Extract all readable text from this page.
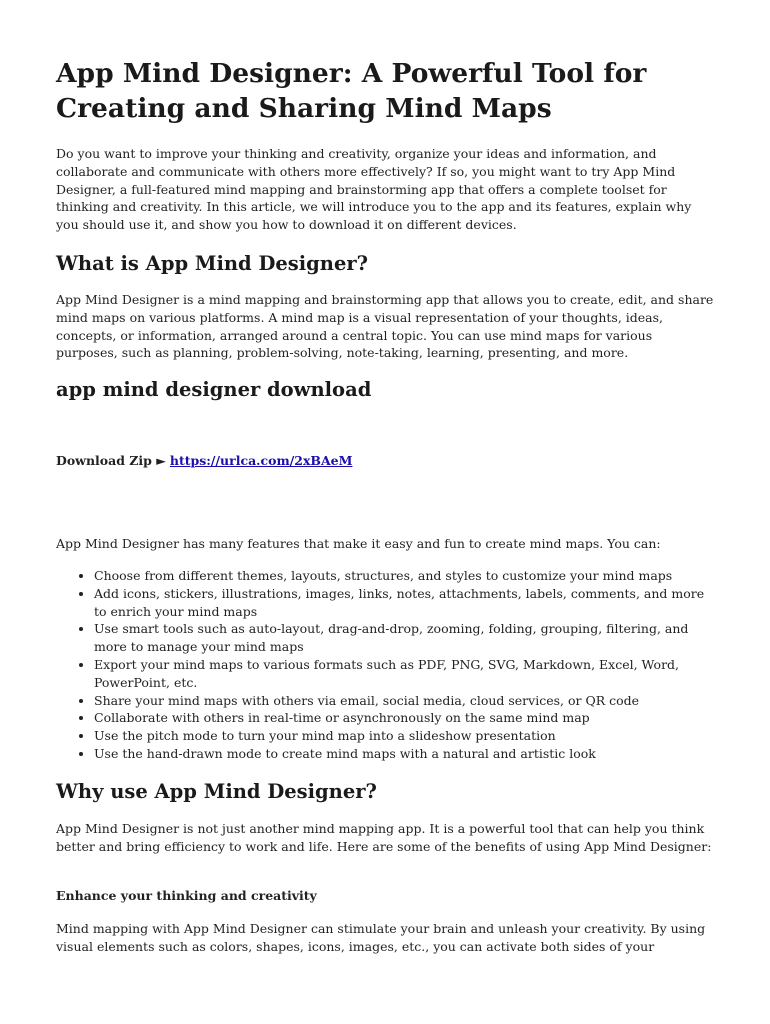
App Mind Designer: A Powerful Tool for Creating and Sharing Mind Maps

Do you want to improve your thinking and creativity, organize your ideas and information, and collaborate and communicate with others more effectively? If so, you might want to try App Mind Designer, a full-featured mind mapping and brainstorming app that offers a complete toolset for thinking and creativity. In this article, we will introduce you to the app and its features, explain why you should use it, and show you how to download it on different devices.

What is App Mind Designer?

App Mind Designer is a mind mapping and brainstorming app that allows you to create, edit, and share mind maps on various platforms. A mind map is a visual representation of your thoughts, ideas, concepts, or information, arranged around a central topic. You can use mind maps for various purposes, such as planning, problem-solving, note-taking, learning, presenting, and more.

app mind designer download
Download Zip ► https://urlca.com/2xBAeM

App Mind Designer has many features that make it easy and fun to create mind maps. You can:

• Choose from different themes, layouts, structures, and styles to customize your mind maps
• Add icons, stickers, illustrations, images, links, notes, attachments, labels, comments, and more to enrich your mind maps
• Use smart tools such as auto-layout, drag-and-drop, zooming, folding, grouping, filtering, and more to manage your mind maps
• Export your mind maps to various formats such as PDF, PNG, SVG, Markdown, Excel, Word, PowerPoint, etc.
• Share your mind maps with others via email, social media, cloud services, or QR code
• Collaborate with others in real-time or asynchronously on the same mind map
• Use the pitch mode to turn your mind map into a slideshow presentation
• Use the hand-drawn mode to create mind maps with a natural and artistic look
Why use App Mind Designer?

App Mind Designer is not just another mind mapping app. It is a powerful tool that can help you think better and bring efficiency to work and life. Here are some of the benefits of using App Mind Designer:

Enhance your thinking and creativity

Mind mapping with App Mind Designer can stimulate your brain and unleash your creativity. By using visual elements such as colors, shapes, icons, images, etc., you can activate both sides of your
